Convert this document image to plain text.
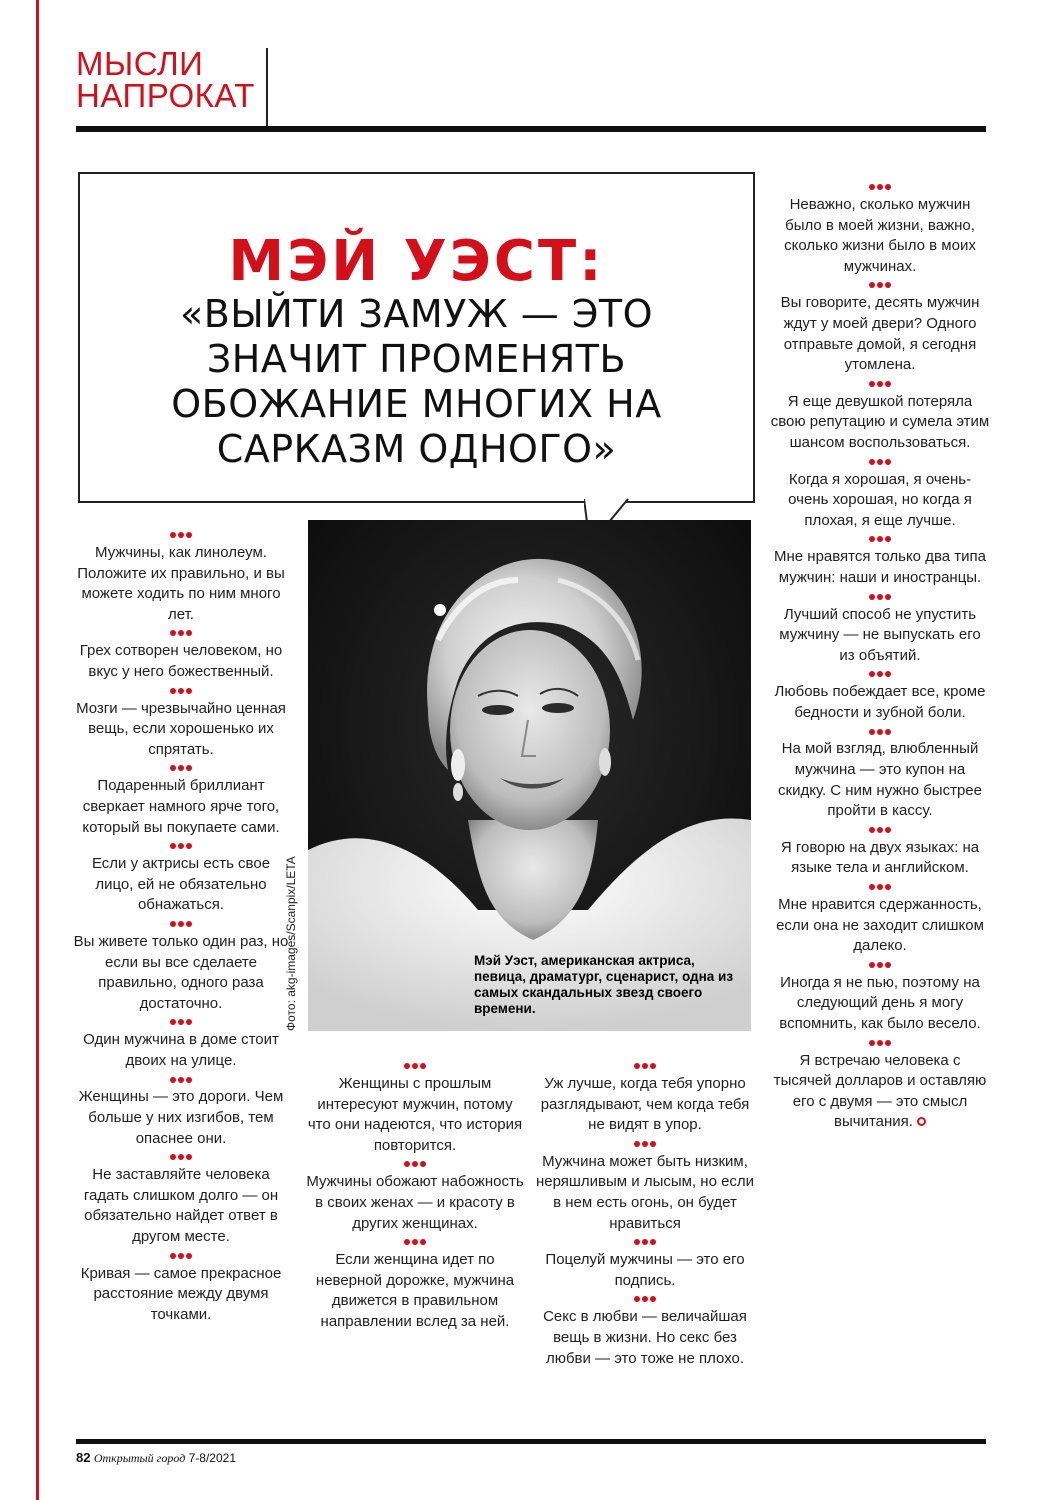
МЫСЛИ
НАПРОКАТ
МЭЙ УЭСТ:
«ВЫЙТИ ЗАМУЖ — ЭТО ЗНАЧИТ ПРОМЕНЯТЬ ОБОЖАНИЕ МНОГИХ НА САРКАЗМ ОДНОГО»
Фото: akg-images/Scanpix/LETA	Мэй Уэст, американская актриса, певица, драматург, сценарист, одна из самых скандальных звезд своего времени.

Мужчины, как линолеум. Положите их правильно, и вы можете ходить по ним много лет.

Грех сотворен человеком, но вкус у него божественный.

Мозги — чрезвычайно ценная вещь, если хорошенько их спрятать.

Подаренный бриллиант сверкает намного ярче того, который вы покупаете сами.

Если у актрисы есть свое лицо, ей не обязательно обнажаться.

Вы живете только один раз, но если вы все сделаете правильно, одного раза достаточно.

Один мужчина в доме стоит двоих на улице.

Женщины — это дороги. Чем больше у них изгибов, тем опаснее они.

Не заставляйте человека гадать слишком долго — он обязательно найдет ответ в другом месте.

Кривая — самое прекрасное расстояние между двумя точками.

Женщины с прошлым интересуют мужчин, потому что они надеются, что история повторится.

Мужчины обожают набожность в своих женах — и красоту в других женщинах.

Если женщина идет по неверной дорожке, мужчина движется в правильном направлении вслед за ней.

Уж лучше, когда тебя упорно разглядывают, чем когда тебя не видят в упор.

Мужчина может быть низким, неряшливым и лысым, но если в нем есть огонь, он будет нравиться

Поцелуй мужчины — это его подпись.

Секс в любви — величайшая вещь в жизни. Но секс без любви — это тоже не плохо.

Неважно, сколько мужчин было в моей жизни, важно, сколько жизни было в моих мужчинах.

Вы говорите, десять мужчин ждут у моей двери? Одного отправьте домой, я сегодня утомлена.

Я еще девушкой потеряла свою репутацию и сумела этим шансом воспользоваться.

Когда я хорошая, я очень-очень хорошая, но когда я плохая, я еще лучше.

Мне нравятся только два типа мужчин: наши и иностранцы.

Лучший способ не упустить мужчину — не выпускать его из объятий.

Любовь побеждает все, кроме бедности и зубной боли.

На мой взгляд, влюбленный мужчина — это купон на скидку. С ним нужно быстрее пройти в кассу.

Я говорю на двух языках: на языке тела и английском.

Мне нравится сдержанность, если она не заходит слишком далеко.

Иногда я не пью, поэтому на следующий день я могу вспомнить, как было весело.

Я встречаю человека с тысячей долларов и оставляю его с двумя — это смысл вычитания.

82 Открытый город 7-8/2021
